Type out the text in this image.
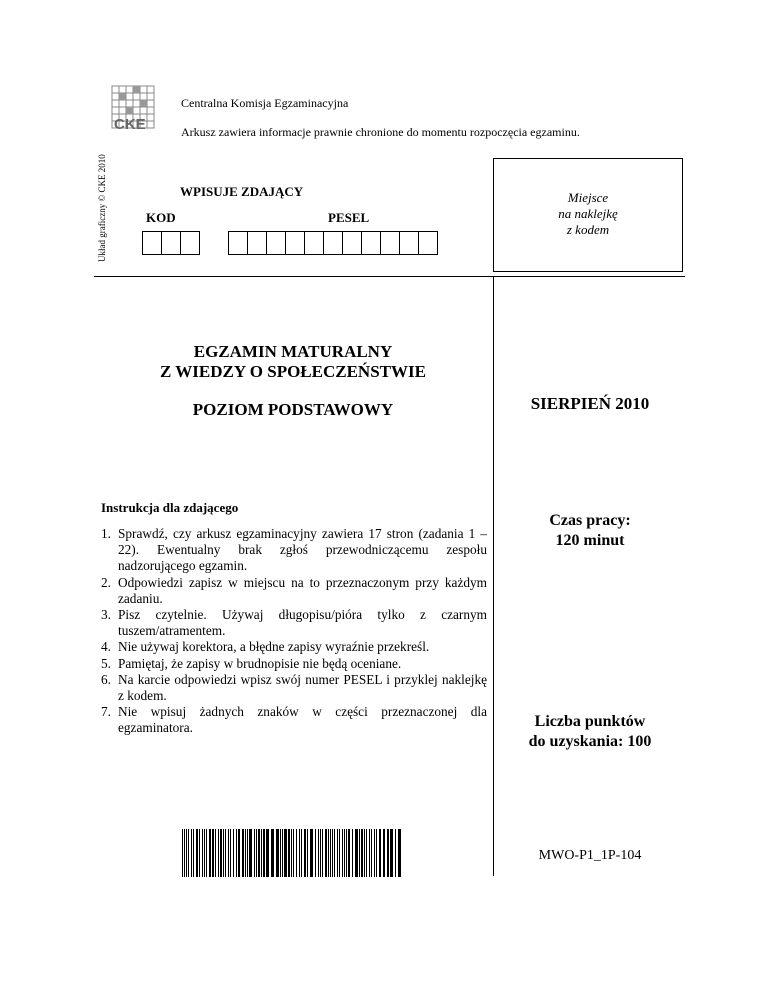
CKE
Układ graficzny © CKE 2010
Centralna Komisja Egzaminacyjna
Arkusz zawiera informacje prawnie chronione do momentu rozpoczęcia egzaminu.
Miejsce
na naklejkę
z kodem
WPISUJE ZDAJĄCY
KOD	PESEL
EGZAMIN MATURALNY
Z WIEDZY O SPOŁECZEŃSTWIE
POZIOM PODSTAWOWY	SIERPIEŃ 2010
Instrukcja dla zdającego
1. Sprawdź, czy arkusz egzaminacyjny zawiera 17 stron (zadania 1 – 22). Ewentualny brak zgłoś przewodniczącemu zespołu nadzorującego egzamin.
2. Odpowiedzi zapisz w miejscu na to przeznaczonym przy każdym zadaniu.
3. Pisz czytelnie. Używaj długopisu/pióra tylko z czarnym tuszem/atramentem.
4. Nie używaj korektora, a błędne zapisy wyraźnie przekreśl.
5. Pamiętaj, że zapisy w brudnopisie nie będą oceniane.
6. Na karcie odpowiedzi wpisz swój numer PESEL i przyklej naklejkę z kodem.
7. Nie wpisuj żadnych znaków w części przeznaczonej dla egzaminatora.
Czas pracy:
120 minut
Liczba punktów
do uzyskania: 100
MWO-P1_1P-104
